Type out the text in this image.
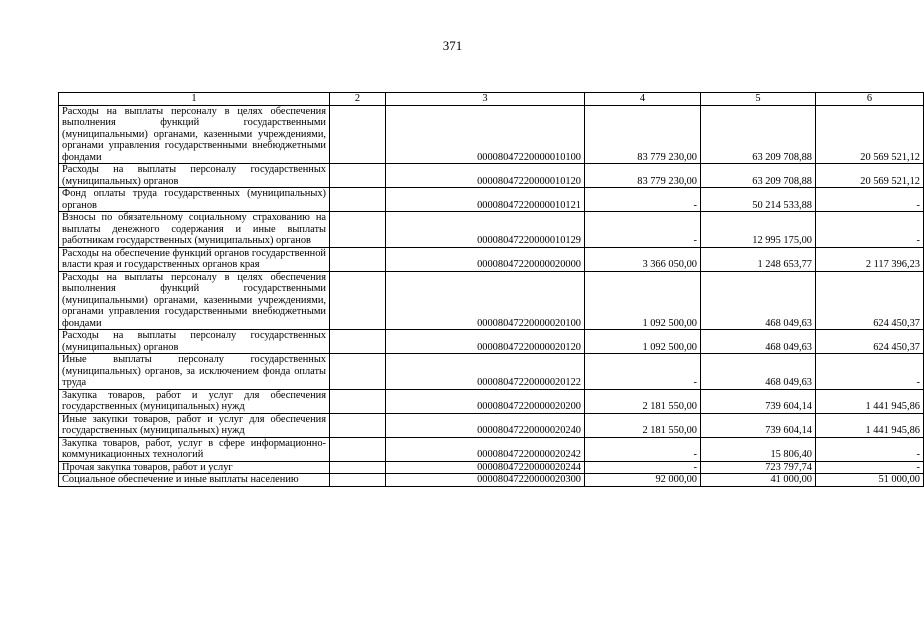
371
1	2	3	4	5	6
Расходы на выплаты персоналу в целях обеспечения выполнения функций государственными (муниципальными) органами, казенными учреждениями, органами управления государственными внебюджетными фондами		00008047220000010100	83 779 230,00	63 209 708,88	20 569 521,12
Расходы на выплаты персоналу государственных (муниципальных) органов		00008047220000010120	83 779 230,00	63 209 708,88	20 569 521,12
Фонд оплаты труда государственных (муниципальных) органов		00008047220000010121	-	50 214 533,88	-
Взносы по обязательному социальному страхованию на выплаты денежного содержания и иные выплаты работникам государственных (муниципальных) органов		00008047220000010129	-	12 995 175,00	-
Расходы на обеспечение функций органов государственной власти края и государственных органов края		00008047220000020000	3 366 050,00	1 248 653,77	2 117 396,23
Расходы на выплаты персоналу в целях обеспечения выполнения функций государственными (муниципальными) органами, казенными учреждениями, органами управления государственными внебюджетными фондами		00008047220000020100	1 092 500,00	468 049,63	624 450,37
Расходы на выплаты персоналу государственных (муниципальных) органов		00008047220000020120	1 092 500,00	468 049,63	624 450,37
Иные выплаты персоналу государственных (муниципальных) органов, за исключением фонда оплаты труда		00008047220000020122	-	468 049,63	-
Закупка товаров, работ и услуг для обеспечения государственных (муниципальных) нужд		00008047220000020200	2 181 550,00	739 604,14	1 441 945,86
Иные закупки товаров, работ и услуг для обеспечения государственных (муниципальных) нужд		00008047220000020240	2 181 550,00	739 604,14	1 441 945,86
Закупка товаров, работ, услуг в сфере информационно-коммуникационных технологий		00008047220000020242	-	15 806,40	-
Прочая закупка товаров, работ и услуг		00008047220000020244	-	723 797,74	-
Социальное обеспечение и иные выплаты населению		00008047220000020300	92 000,00	41 000,00	51 000,00
